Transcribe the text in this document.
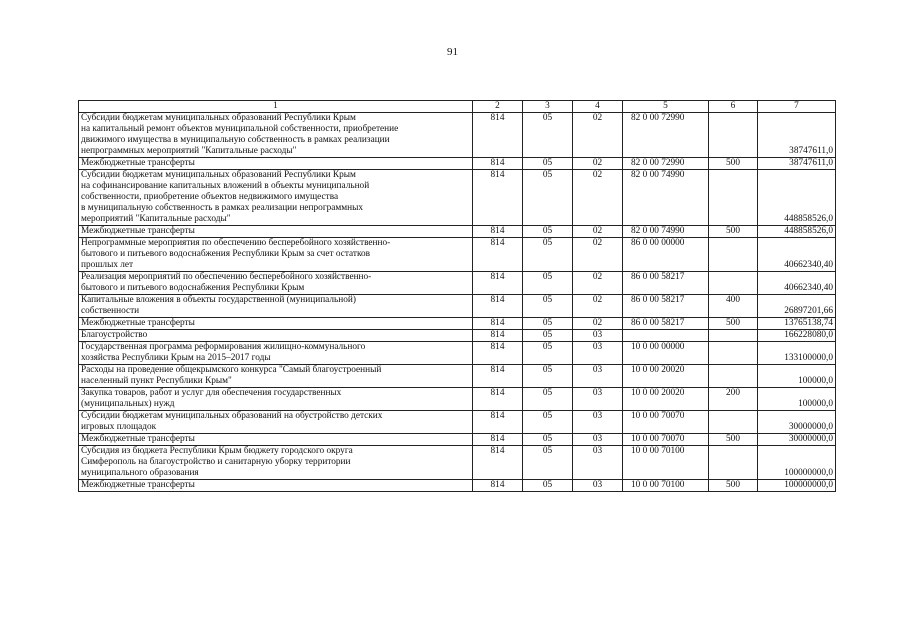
91
1	2	3	4	5	6	7
Субсидии бюджетам муниципальных образований Республики Крым
на капитальный ремонт объектов муниципальной собственности, приобретение
движимого имущества в муниципальную собственность в рамках реализации
непрограммных мероприятий "Капитальные расходы"	814	05	02	82 0 00 72990		38747611,0
Межбюджетные трансферты	814	05	02	82 0 00 72990	500	38747611,0
Субсидии бюджетам муниципальных образований Республики Крым
на софинансирование капитальных вложений в объекты муниципальной
собственности, приобретение объектов недвижимого имущества
в муниципальную собственность в рамках реализации непрограммных
мероприятий "Капитальные расходы"	814	05	02	82 0 00 74990		448858526,0
Межбюджетные трансферты	814	05	02	82 0 00 74990	500	448858526,0
Непрограммные мероприятия по обеспечению бесперебойного хозяйственно-
бытового и питьевого водоснабжения Республики Крым за счет остатков
прошлых лет	814	05	02	86 0 00 00000		40662340,40
Реализация мероприятий по обеспечению бесперебойного хозяйственно-
бытового и питьевого водоснабжения Республики Крым	814	05	02	86 0 00 58217		40662340,40
Капитальные вложения в объекты государственной (муниципальной)
собственности	814	05	02	86 0 00 58217	400	26897201,66
Межбюджетные трансферты	814	05	02	86 0 00 58217	500	13765138,74
Благоустройство	814	05	03			166228080,0
Государственная программа реформирования жилищно-коммунального
хозяйства Республики Крым на 2015–2017 годы	814	05	03	10 0 00 00000		133100000,0
Расходы на проведение общекрымского конкурса "Самый благоустроенный
населенный пункт Республики Крым"	814	05	03	10 0 00 20020		100000,0
Закупка товаров, работ и услуг для обеспечения государственных
(муниципальных) нужд	814	05	03	10 0 00 20020	200	100000,0
Субсидии бюджетам муниципальных образований на обустройство детских
игровых площадок	814	05	03	10 0 00 70070		30000000,0
Межбюджетные трансферты	814	05	03	10 0 00 70070	500	30000000,0
Субсидия из бюджета Республики Крым бюджету городского округа
Симферополь на благоустройство и санитарную уборку территории
муниципального образования	814	05	03	10 0 00 70100		100000000,0
Межбюджетные трансферты	814	05	03	10 0 00 70100	500	100000000,0
